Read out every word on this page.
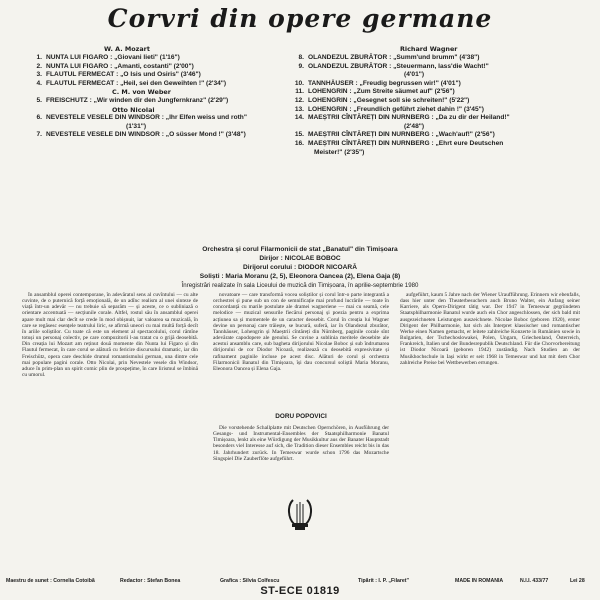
Corvri din opere germane
W. A. Mozart
1. NUNTA LUI FIGARO : „Giovani lieti" (1'16")
2. NUNTA LUI FIGARO : „Amanti, costanti" (2'00")
3. FLAUTUL FERMECAT : „O Isis und Osiris" (3'46")
4. FLAUTUL FERMECAT : „Heil, sei den Geweihten !" (2'34")
C. M. von Weber
5. FREISCHUTZ : „Wir winden dir den Jungfernkranz" (2'29")
Otto Nicolai
6. NEVESTELE VESELE DIN WINDSOR : „Ihr Elfen weiss und roth"
(1'31")
7. NEVESTELE VESELE DIN WINDSOR : „O süsser Mond !" (3'48")
Richard Wagner
8. OLANDEZUL ZBURĂTOR : „Summ'und brumm" (4'38")
9. OLANDEZUL ZBURĂTOR : „Steuermann, lass'die Wacht!"
(4'01")
10. TANNHÄUSER : „Freudig begrussen wir!" (4'01")
11. LOHENGRIN : „Zum Streite säumet auf" (2'56")
12. LOHENGRIN : „Gesegnet soll sie schreiten!" (5'22")
13. LOHENGRIN : „Freundlich geführt ziehet dahin !" (3'45")
14. MAEȘTRII CÎNTĂREȚI DIN NURNBERG : „Da zu dir der Heiland!"
(2'48")
15. MAEȘTRII CÎNTĂREȚI DIN NURNBERG : „Wach'auf!" (2'56")
16. MAEȘTRII CÎNTĂREȚI DIN NURNBERG : „Ehrt eure Deutschen
Meister!" (2'35")
Orchestra și corul Filarmonicii de stat „Banatul" din Timișoara
Dirijor : NICOLAE BOBOC
Dirijorul corului : DIODOR NICOARĂ
Soliști : Maria Moranu (2, 5), Eleonora Oancea (2), Elena Gaja (8)
Înregistrări realizate în sala Liceului de muzică din Timișoara, în aprilie-septembrie 1980

În ansamblul operei contemporane, în adevăratul sens al cuvîntului — cu alte cuvinte, de o puternică forță emoțională, de un adînc realism al unei sinteze de viață într-un adevăr — nu trebuie să separăm — și aceste, ce o subliniază o orientare accentuată — secțiunile corale. Altfel, rostul său în ansamblul operei apare mult mai clar decît se crede în mod obișnuit, iar valoarea sa muzicală, în care se regăsesc esențele teatrului liric, se afirmă uneori cu mai multă forță decît în ariile soliștilor. Cu toate că este un element al spectacolului, corul rămîne totuși un personaj colectiv, pe care compozitorii l-au tratat cu o grijă deosebită. Din creația lui Mozart am reținut două momente din Nunta lui Figaro și din Flautul fermecat, în care corul se alătură cu fericire discursului dramatic, iar din Freischütz, opera care deschide drumul romantismului german, una dintre cele mai populare pagini corale. Otto Nicolai, prin Nevestele vesele din Windsor, aduce în prim-plan un spirit comic plin de prospețime, în care lirismul se îmbină cu umorul.

novatoare — care transformă vocea soliștilor și corul într-o parte integrantă a orchestrei și pune sub un con de semnificație mai profund lucrările — toate în concordanță cu marile postulate ale dramei wagneriene — mai cu seamă, cele melodice — muzical sensurile fiecărui personaj și poezia pentru a exprima acțiunea sa și momentele de un caracter deosebit. Corul în creația lui Wagner devine un personaj care trăiește, se bucură, suferă, iar în Olandezul zburător, Tannhäuser, Lohengrin și Maeștrii cîntăreți din Nürnberg, paginile corale sînt adevărate capodopere ale genului. Se cuvine a sublinia meritele deosebite ale acestui ansamblu care, sub bagheta dirijorului Nicolae Boboc și sub îndrumarea dirijorului de cor Diodor Nicoară, realizează cu deosebită expresivitate și rafinament paginile incluse pe acest disc. Alături de corul și orchestra Filarmonicii Banatul din Timișoara, își dau concursul soliștii Maria Moranu, Eleonora Oancea și Elena Gaja.

DORU POPOVICI

Die vorstehende Schallplatte mit Deutschen Opernchören, in Ausführung der Gesangs- und Instrumental-Ensembles der Staatsphilharmonie Banatul Timișoara, lenkt als eine Würdigung der Musikkultur aus der Banater Hauptstadt besonders viel Interesse auf sich, die Tradition dieser Ensembles reicht bis in das 18. Jahrhundert zurück. In Temeswar wurde schon 1796 das Mozartsche Singspiel Die Zauberflöte aufgeführt.

aufgeführt, kaum 5 Jahre nach der Wiener Uraufführung. Erinnern wir ebenfalls, dass hier unter den Theaterbesuchern auch Bruno Walter, ein Anfang seiner Karriere, als Opern-Dirigent tätig war. Der 1947 in Temeswar gegründeten Staatsphilharmonie Banatul wurde auch ein Chor angeschlossen, der sich bald mit ausgezeichneten Leistungen auszeichnete. Nicolae Boboc (geboren 1920), erster Dirigent der Philharmonie, hat sich als Interpret klassischer und romantischer Werke einen Namen gemacht, er leitete zahlreiche Konzerte in Rumänien sowie in Bulgarien, der Tschechoslowakei, Polen, Ungarn, Griechenland, Österreich, Frankreich, Italien und der Bundesrepublik Deutschland. Für die Chorvorbereitung ist Diodor Nicoară (geboren 1942) zuständig. Nach Studien an der Musikhochschule in Iași wirkt er seit 1968 in Temeswar und hat mit dem Chor zahlreiche Preise bei Wettbewerben errungen.

Maestru de sunet : Cornelia Cotoibă	Redactor : Stefan Bonea	Grafica : Silvia Colfescu	Tipărit : I. P. „Filaret"	MADE IN ROMANIA	N.I.I. 433/77	Lei 28
ST-ECE 01819
